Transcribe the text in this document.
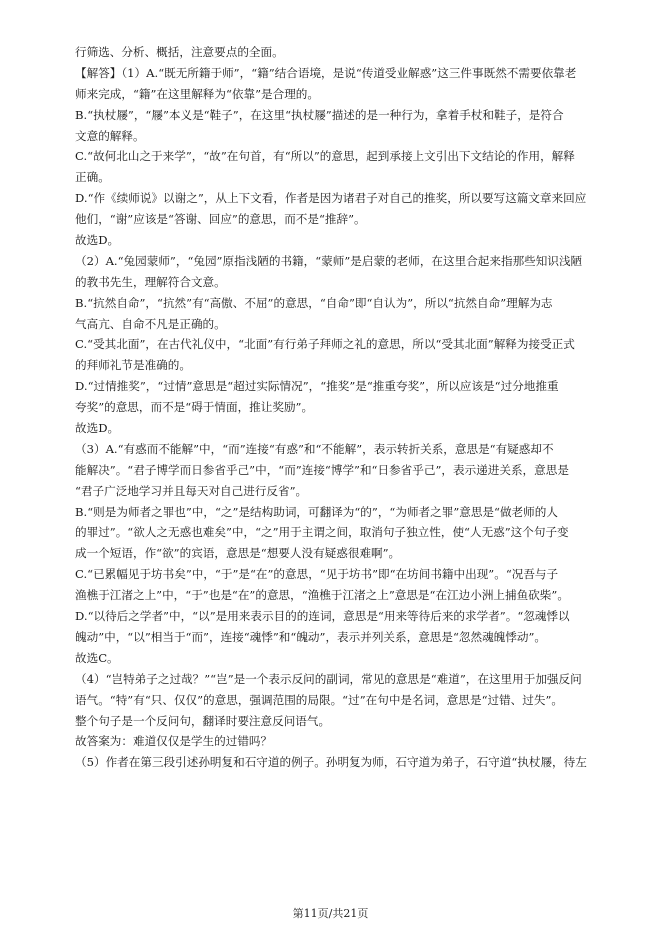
行筛选、分析、概括，注意要点的全面。
【解答】（1）A.“既无所籍于师”，“籍”结合语境，是说“传道受业解惑”这三件事既然不需要依靠老
师来完成，“籍”在这里解释为“依靠”是合理的。
B.“执杖屦”，“屦”本义是“鞋子”，在这里“执杖屦”描述的是一种行为，拿着手杖和鞋子，是符合
文意的解释。
C.“故何北山之于来学”，“故”在句首，有“所以”的意思，起到承接上文引出下文结论的作用，解释
正确。
D.“作《续师说》以谢之”，从上下文看，作者是因为诸君子对自己的推奖，所以要写这篇文章来回应
他们，“谢”应该是“答谢、回应”的意思，而不是“推辞”。
故选D。
（2）A.“兔园蒙师”，“兔园”原指浅陋的书籍，“蒙师”是启蒙的老师，在这里合起来指那些知识浅陋
的教书先生，理解符合文意。
B.“抗然自命”，“抗然”有“高傲、不屈”的意思，“自命”即“自认为”，所以“抗然自命”理解为志
气高亢、自命不凡是正确的。
C.“受其北面”，在古代礼仪中，“北面”有行弟子拜师之礼的意思，所以“受其北面”解释为接受正式
的拜师礼节是准确的。
D.“过情推奖”，“过情”意思是“超过实际情况”，“推奖”是“推重夸奖”，所以应该是“过分地推重
夸奖”的意思，而不是“碍于情面，推让奖励”。
故选D。
（3）A.“有惑而不能解”中，“而”连接“有惑”和“不能解”，表示转折关系，意思是“有疑惑却不
能解决”。“君子博学而日参省乎己”中，“而”连接“博学”和“日参省乎己”，表示递进关系，意思是
“君子广泛地学习并且每天对自己进行反省”。
B.“则是为师者之罪也”中，“之”是结构助词，可翻译为“的”，“为师者之罪”意思是“做老师的人
的罪过”。“欲人之无惑也难矣”中，“之”用于主谓之间，取消句子独立性，使“人无惑”这个句子变
成一个短语，作“欲”的宾语，意思是“想要人没有疑惑很难啊”。
C.“已累幅见于坊书矣”中，“于”是“在”的意思，“见于坊书”即“在坊间书籍中出现”。“况吾与子
渔樵于江渚之上”中，“于”也是“在”的意思，“渔樵于江渚之上”意思是“在江边小洲上捕鱼砍柴”。
D.“以待后之学者”中，“以”是用来表示目的的连词，意思是“用来等待后来的求学者”。“忽魂悸以
魄动”中，“以”相当于“而”，连接“魂悸”和“魄动”，表示并列关系，意思是“忽然魂魄悸动”。
故选C。
（4）“岂特弟子之过哉？”“岂”是一个表示反问的副词，常见的意思是“难道”，在这里用于加强反问
语气。“特”有“只、仅仅”的意思，强调范围的局限。“过”在句中是名词，意思是“过错、过失”。
整个句子是一个反问句，翻译时要注意反问语气。
故答案为：难道仅仅是学生的过错吗？
（5）作者在第三段引述孙明复和石守道的例子。孙明复为师，石守道为弟子，石守道“执杖屦，待左
第11页/共21页
